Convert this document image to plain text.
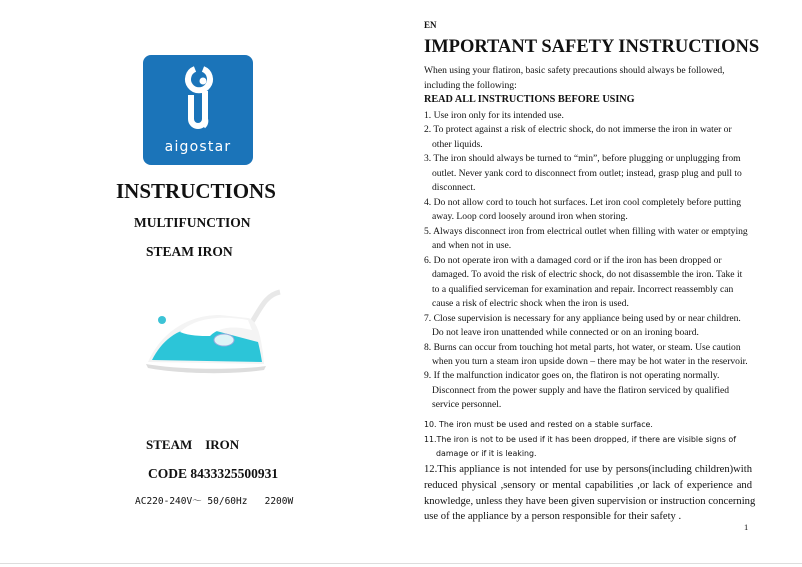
aigostar
INSTRUCTIONS
MULTIFUNCTION
STEAM IRON
STEAM    IRON
CODE 8433325500931
AC220-240V～ 50/60Hz   2200W
EN
IMPORTANT SAFETY INSTRUCTIONS
When using your flatiron, basic safety precautions should always be followed,
including the following:
READ ALL INSTRUCTIONS BEFORE USING
1. Use iron only for its intended use.
2. To protect against a risk of electric shock, do not immerse the iron in water or
other liquids.
3. The iron should always be turned to “min”, before plugging or unplugging from
outlet. Never yank cord to disconnect from outlet; instead, grasp plug and pull to
disconnect.
4. Do not allow cord to touch hot surfaces. Let iron cool completely before putting
away. Loop cord loosely around iron when storing.
5. Always disconnect iron from electrical outlet when filling with water or emptying
and when not in use.
6. Do not operate iron with a damaged cord or if the iron has been dropped or
damaged. To avoid the risk of electric shock, do not disassemble the iron. Take it
to a qualified serviceman for examination and repair. Incorrect reassembly can
cause a risk of electric shock when the iron is used.
7. Close supervision is necessary for any appliance being used by or near children.
Do not leave iron unattended while connected or on an ironing board.
8. Burns can occur from touching hot metal parts, hot water, or steam. Use caution
when you turn a steam iron upside down – there may be hot water in the reservoir.
9. If the malfunction indicator goes on, the flatiron is not operating normally.
Disconnect from the power supply and have the flatiron serviced by qualified
service personnel.
10. The iron must be used and rested on a stable surface.
11.The iron is not to be used if it has been dropped, if there are visible signs of
damage or if it is leaking.
12.This appliance is not intended for use by persons(including children)with
reduced physical ,sensory or mental capabilities ,or lack of experience and
knowledge, unless they have been given supervision or instruction concerning
use of the appliance by a person responsible for their safety .
1
